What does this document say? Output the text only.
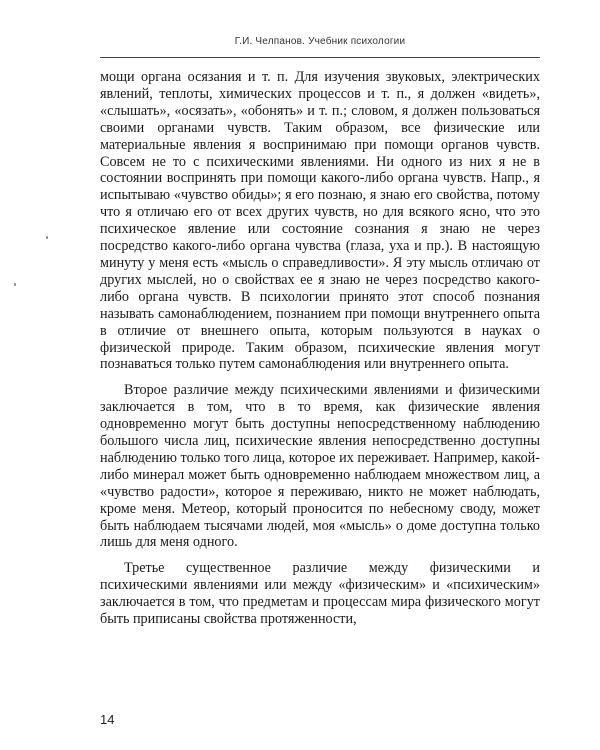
Г.И. Челпанов. Учебник психологии

мощи органа осязания и т. п. Для изучения звуковых, электрических явлений, теплоты, химических процессов и т. п., я должен «видеть», «слышать», «осязать», «обонять» и т. п.; словом, я должен пользоваться своими органами чувств. Таким образом, все физические или материальные явления я воспринимаю при помощи органов чувств. Совсем не то с психическими явлениями. Ни одного из них я не в состоянии воспринять при помощи какого-либо органа чувств. Напр., я испытываю «чувство обиды»; я его познаю, я знаю его свойства, потому что я отличаю его от всех других чувств, но для всякого ясно, что это психическое явление или состояние сознания я знаю не через посредство какого-либо органа чувства (глаза, уха и пр.). В настоящую минуту у меня есть «мысль о справедливости». Я эту мысль отличаю от других мыслей, но о свойствах ее я знаю не через посредство какого-либо органа чувств. В психологии принято этот способ познания называть самонаблюдением, познанием при помощи внутреннего опыта в отличие от внешнего опыта, которым пользуются в науках о физической природе. Таким образом, психические явления могут познаваться только путем самонаблюдения или внутреннего опыта.

Второе различие между психическими явлениями и физическими заключается в том, что в то время, как физические явления одновременно могут быть доступны непосредственному наблюдению большого числа лиц, психические явления непосредственно доступны наблюдению только того лица, которое их переживает. Например, какой-либо минерал может быть одновременно наблюдаем множеством лиц, а «чувство радости», которое я переживаю, никто не может наблюдать, кроме меня. Метеор, который проносится по небесному своду, может быть наблюдаем тысячами людей, моя «мысль» о доме доступна только лишь для меня одного.

Третье существенное различие между физическими и психическими явлениями или между «физическим» и «психическим» заключается в том, что предметам и процессам мира физического могут быть приписаны свойства протяженности,

14
